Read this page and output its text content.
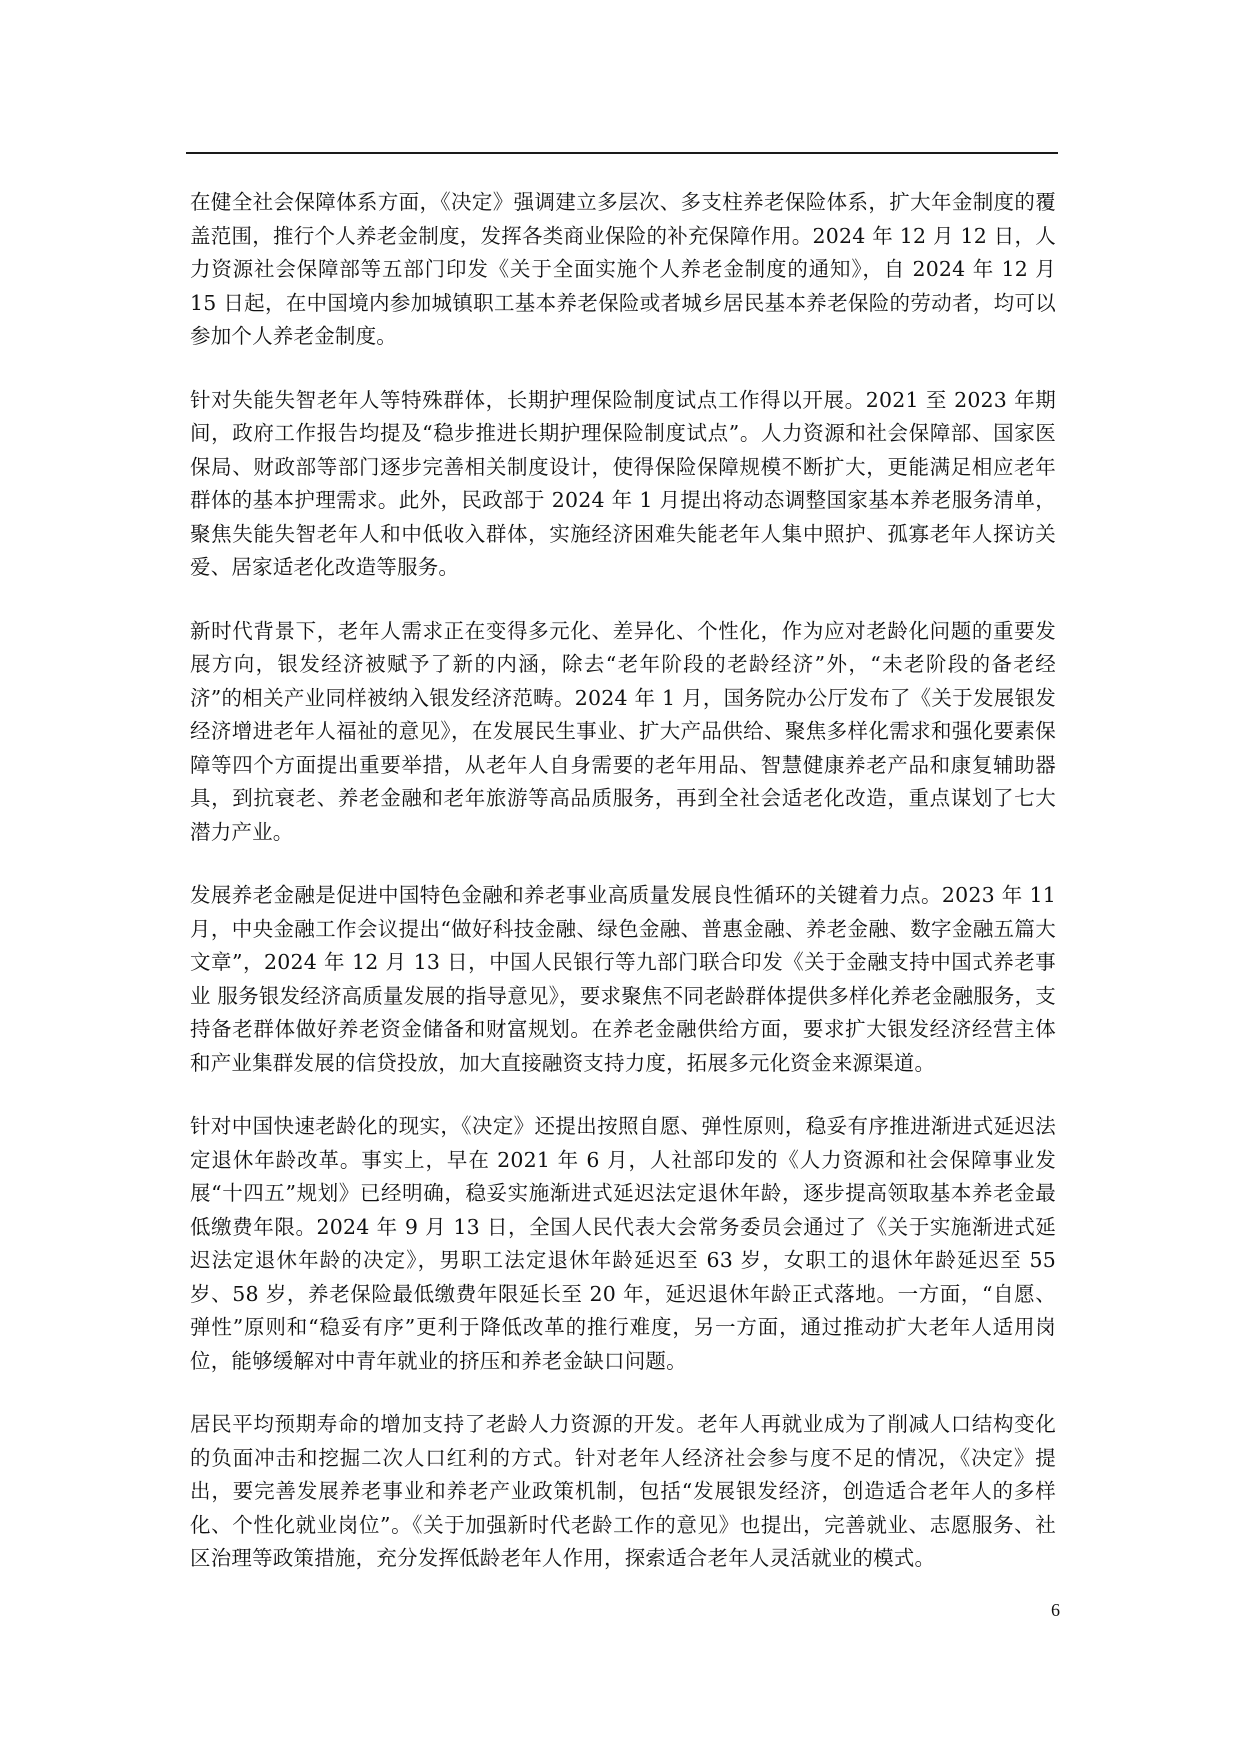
在健全社会保障体系方面，《决定》强调建立多层次、多支柱养老保险体系，扩大年金制度的覆盖范围，推行个人养老金制度，发挥各类商业保险的补充保障作用。2024 年 12 月 12 日，人力资源社会保障部等五部门印发《关于全面实施个人养老金制度的通知》，自 2024 年 12 月 15 日起，在中国境内参加城镇职工基本养老保险或者城乡居民基本养老保险的劳动者，均可以参加个人养老金制度。

针对失能失智老年人等特殊群体，长期护理保险制度试点工作得以开展。2021 至 2023 年期间，政府工作报告均提及“稳步推进长期护理保险制度试点”。人力资源和社会保障部、国家医保局、财政部等部门逐步完善相关制度设计，使得保险保障规模不断扩大，更能满足相应老年群体的基本护理需求。此外，民政部于 2024 年 1 月提出将动态调整国家基本养老服务清单，聚焦失能失智老年人和中低收入群体，实施经济困难失能老年人集中照护、孤寡老年人探访关爱、居家适老化改造等服务。

新时代背景下，老年人需求正在变得多元化、差异化、个性化，作为应对老龄化问题的重要发展方向，银发经济被赋予了新的内涵，除去“老年阶段的老龄经济”外，“未老阶段的备老经济”的相关产业同样被纳入银发经济范畴。2024 年 1 月，国务院办公厅发布了《关于发展银发经济增进老年人福祉的意见》，在发展民生事业、扩大产品供给、聚焦多样化需求和强化要素保障等四个方面提出重要举措，从老年人自身需要的老年用品、智慧健康养老产品和康复辅助器具，到抗衰老、养老金融和老年旅游等高品质服务，再到全社会适老化改造，重点谋划了七大潜力产业。

发展养老金融是促进中国特色金融和养老事业高质量发展良性循环的关键着力点。2023 年 11 月，中央金融工作会议提出“做好科技金融、绿色金融、普惠金融、养老金融、数字金融五篇大文章”，2024 年 12 月 13 日，中国人民银行等九部门联合印发《关于金融支持中国式养老事业 服务银发经济高质量发展的指导意见》，要求聚焦不同老龄群体提供多样化养老金融服务，支持备老群体做好养老资金储备和财富规划。在养老金融供给方面，要求扩大银发经济经营主体和产业集群发展的信贷投放，加大直接融资支持力度，拓展多元化资金来源渠道。

针对中国快速老龄化的现实，《决定》还提出按照自愿、弹性原则，稳妥有序推进渐进式延迟法定退休年龄改革。事实上，早在 2021 年 6 月，人社部印发的《人力资源和社会保障事业发展“十四五”规划》已经明确，稳妥实施渐进式延迟法定退休年龄，逐步提高领取基本养老金最低缴费年限。2024 年 9 月 13 日，全国人民代表大会常务委员会通过了《关于实施渐进式延迟法定退休年龄的决定》，男职工法定退休年龄延迟至 63 岁，女职工的退休年龄延迟至 55 岁、58 岁，养老保险最低缴费年限延长至 20 年，延迟退休年龄正式落地。一方面，“自愿、弹性”原则和“稳妥有序”更利于降低改革的推行难度，另一方面，通过推动扩大老年人适用岗位，能够缓解对中青年就业的挤压和养老金缺口问题。

居民平均预期寿命的增加支持了老龄人力资源的开发。老年人再就业成为了削减人口结构变化的负面冲击和挖掘二次人口红利的方式。针对老年人经济社会参与度不足的情况，《决定》提出，要完善发展养老事业和养老产业政策机制，包括“发展银发经济，创造适合老年人的多样化、个性化就业岗位”。《关于加强新时代老龄工作的意见》也提出，完善就业、志愿服务、社区治理等政策措施，充分发挥低龄老年人作用，探索适合老年人灵活就业的模式。

6
